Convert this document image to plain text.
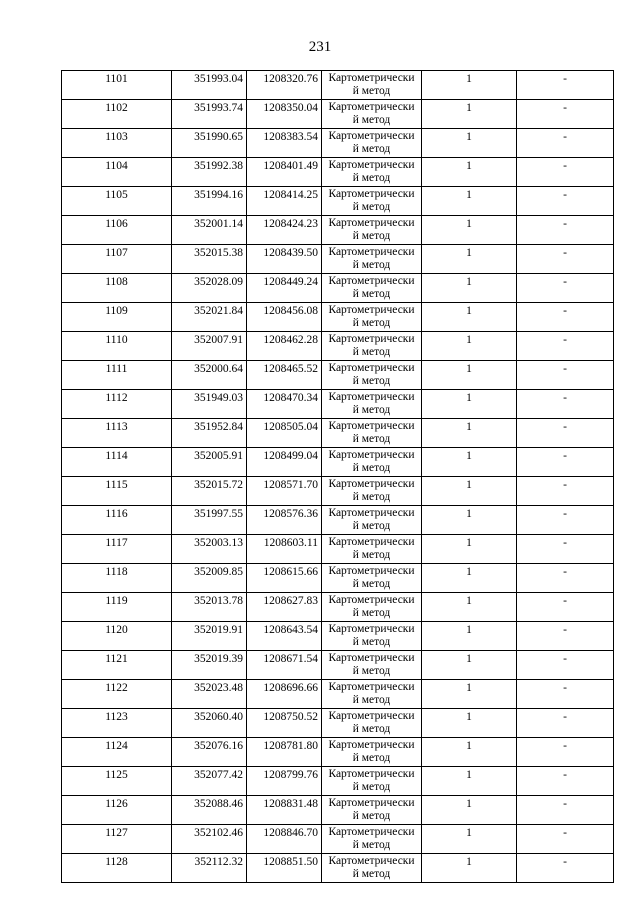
231
1101	351993.04	1208320.76	Картометрически
й метод	1	-
1102	351993.74	1208350.04	Картометрически
й метод	1	-
1103	351990.65	1208383.54	Картометрически
й метод	1	-
1104	351992.38	1208401.49	Картометрически
й метод	1	-
1105	351994.16	1208414.25	Картометрически
й метод	1	-
1106	352001.14	1208424.23	Картометрически
й метод	1	-
1107	352015.38	1208439.50	Картометрически
й метод	1	-
1108	352028.09	1208449.24	Картометрически
й метод	1	-
1109	352021.84	1208456.08	Картометрически
й метод	1	-
1110	352007.91	1208462.28	Картометрически
й метод	1	-
1111	352000.64	1208465.52	Картометрически
й метод	1	-
1112	351949.03	1208470.34	Картометрически
й метод	1	-
1113	351952.84	1208505.04	Картометрически
й метод	1	-
1114	352005.91	1208499.04	Картометрически
й метод	1	-
1115	352015.72	1208571.70	Картометрически
й метод	1	-
1116	351997.55	1208576.36	Картометрически
й метод	1	-
1117	352003.13	1208603.11	Картометрически
й метод	1	-
1118	352009.85	1208615.66	Картометрически
й метод	1	-
1119	352013.78	1208627.83	Картометрически
й метод	1	-
1120	352019.91	1208643.54	Картометрически
й метод	1	-
1121	352019.39	1208671.54	Картометрически
й метод	1	-
1122	352023.48	1208696.66	Картометрически
й метод	1	-
1123	352060.40	1208750.52	Картометрически
й метод	1	-
1124	352076.16	1208781.80	Картометрически
й метод	1	-
1125	352077.42	1208799.76	Картометрически
й метод	1	-
1126	352088.46	1208831.48	Картометрически
й метод	1	-
1127	352102.46	1208846.70	Картометрически
й метод	1	-
1128	352112.32	1208851.50	Картометрически
й метод	1	-
